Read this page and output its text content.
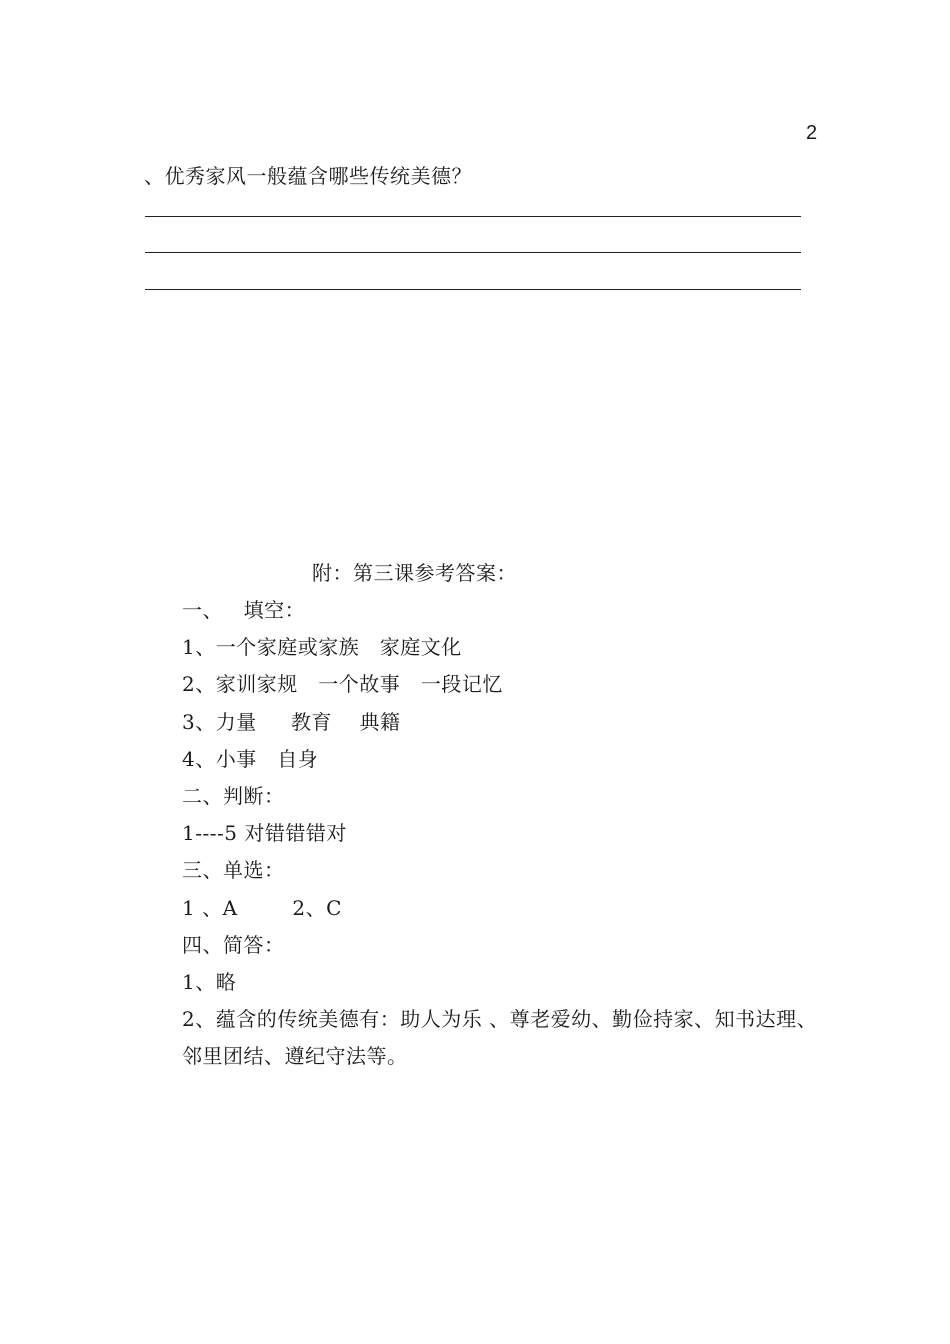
2
、优秀家风一般蕴含哪些传统美德？
附：第三课参考答案：
一、   填空：
1、一个家庭或家族   家庭文化
2、家训家规   一个故事   一段记忆
3、力量     教育    典籍
4、小事   自身
二、判断：
1----5 对错错错对
三、单选：
1 、A        2、C
四、简答：
1、略
2、蕴含的传统美德有：助人为乐 、尊老爱幼、勤俭持家、知书达理、邻里团结、遵纪守法等。
